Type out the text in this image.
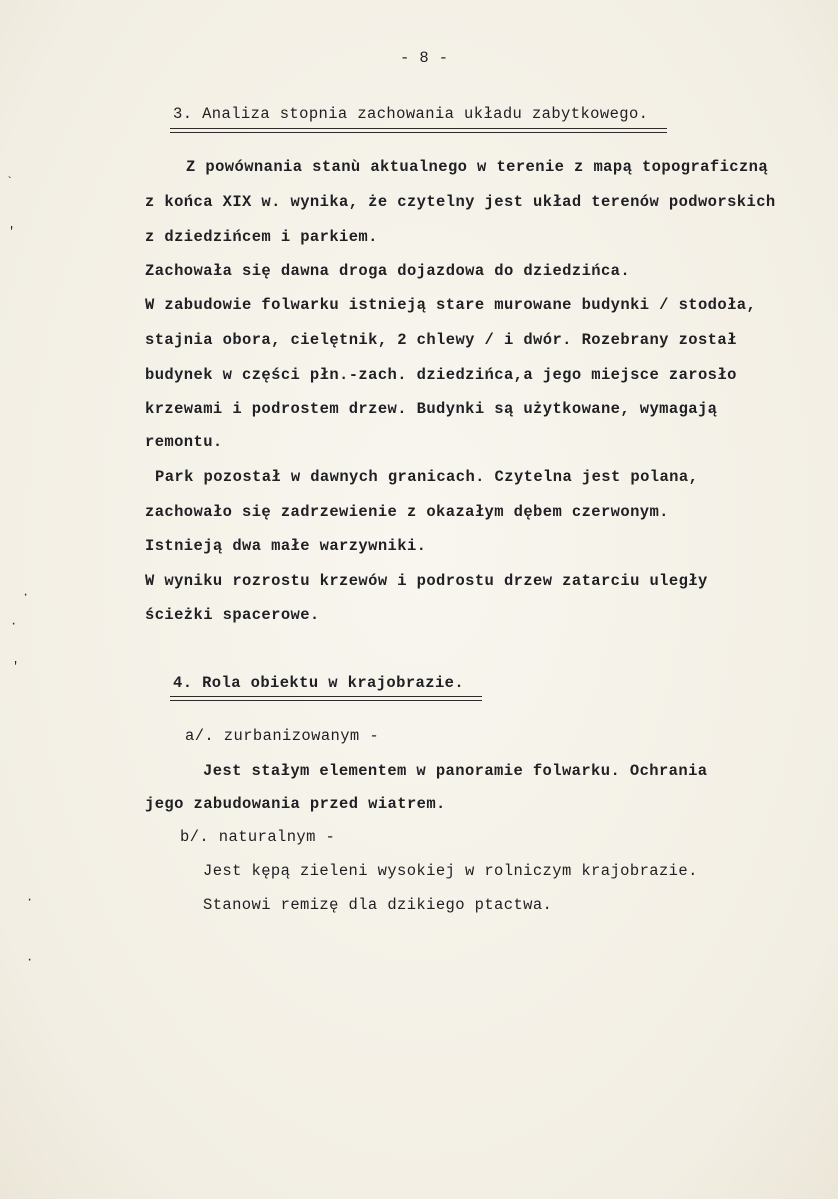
- 8 -
3. Analiza stopnia zachowania układu zabytkowego.
Z powównania stanù aktualnego w terenie z mapą topograficzną
z końca XIX w. wynika, że czytelny jest układ terenów podworskich
z dziedzińcem i parkiem.
Zachowała się dawna droga dojazdowa do dziedzińca.
W zabudowie folwarku istnieją stare murowane budynki / stodoła,
stajnia obora, cielętnik, 2 chlewy / i dwór. Rozebrany został
budynek w części płn.-zach. dziedzińca,a jego miejsce zarosło
krzewami i podrostem drzew. Budynki są użytkowane, wymagają
remontu.
Park pozostał w dawnych granicach. Czytelna jest polana,
zachowało się zadrzewienie z okazałym dębem czerwonym.
Istnieją dwa małe warzywniki.
W wyniku rozrostu krzewów i podrostu drzew zatarciu uległy
ścieżki spacerowe.
4. Rola obiektu w krajobrazie.
a/. zurbanizowanym -
Jest stałym elementem w panoramie folwarku. Ochrania
jego zabudowania przed wiatrem.
b/. naturalnym -
Jest kępą zieleni wysokiej w rolniczym krajobrazie.
Stanowi remizę dla dzikiego ptactwa.
`
'
·
·
'
·
·
